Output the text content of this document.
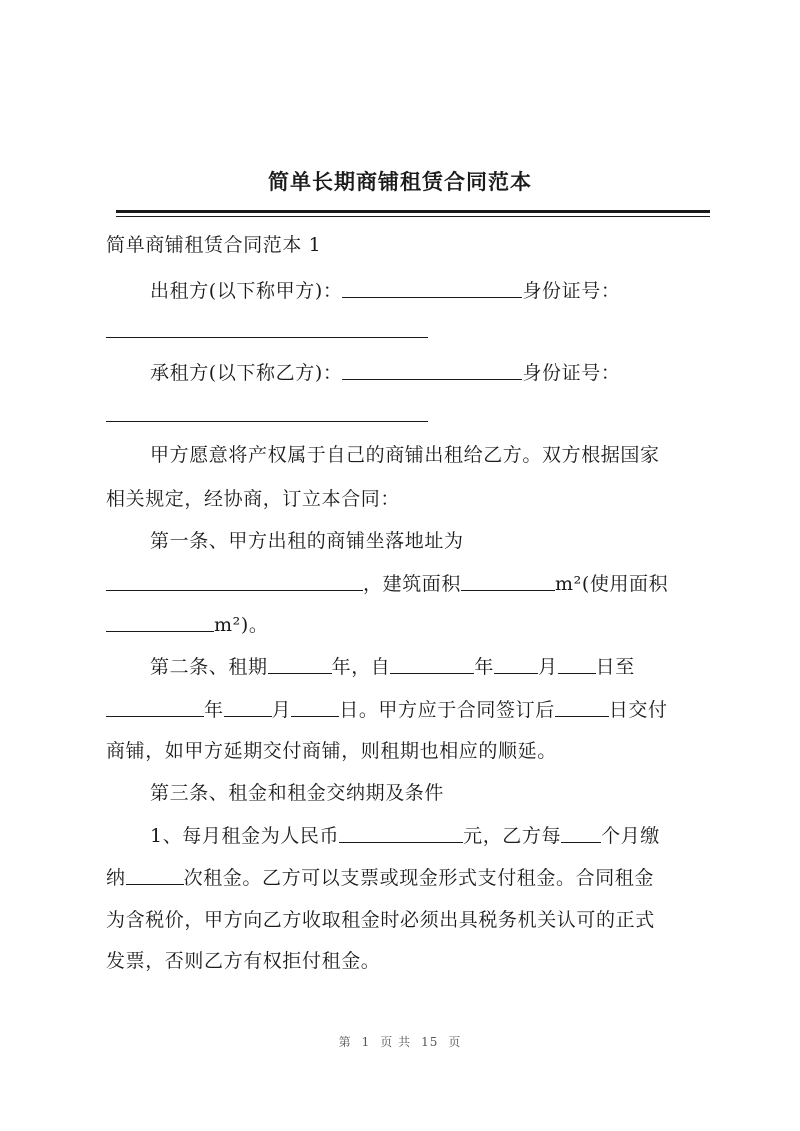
简单长期商铺租赁合同范本
简单商铺租赁合同范本 1
出租方(以下称甲方)：	身份证号：
承租方(以下称乙方)：	身份证号：
甲方愿意将产权属于自己的商铺出租给乙方。双方根据国家
相关规定，经协商，订立本合同：
第一条、甲方出租的商铺坐落地址为
，建筑面积	m²(使用面积
m²)。
第二条、租期	年，自	年 月 日至
年	月	日。甲方应于合同签订后	日交付
商铺，如甲方延期交付商铺，则租期也相应的顺延。
第三条、租金和租金交纳期及条件
1、每月租金为人民币	元，乙方每 个月缴
纳	次租金。乙方可以支票或现金形式支付租金。合同租金
为含税价，甲方向乙方收取租金时必须出具税务机关认可的正式
发票，否则乙方有权拒付租金。
第 1 页 共 15 页
